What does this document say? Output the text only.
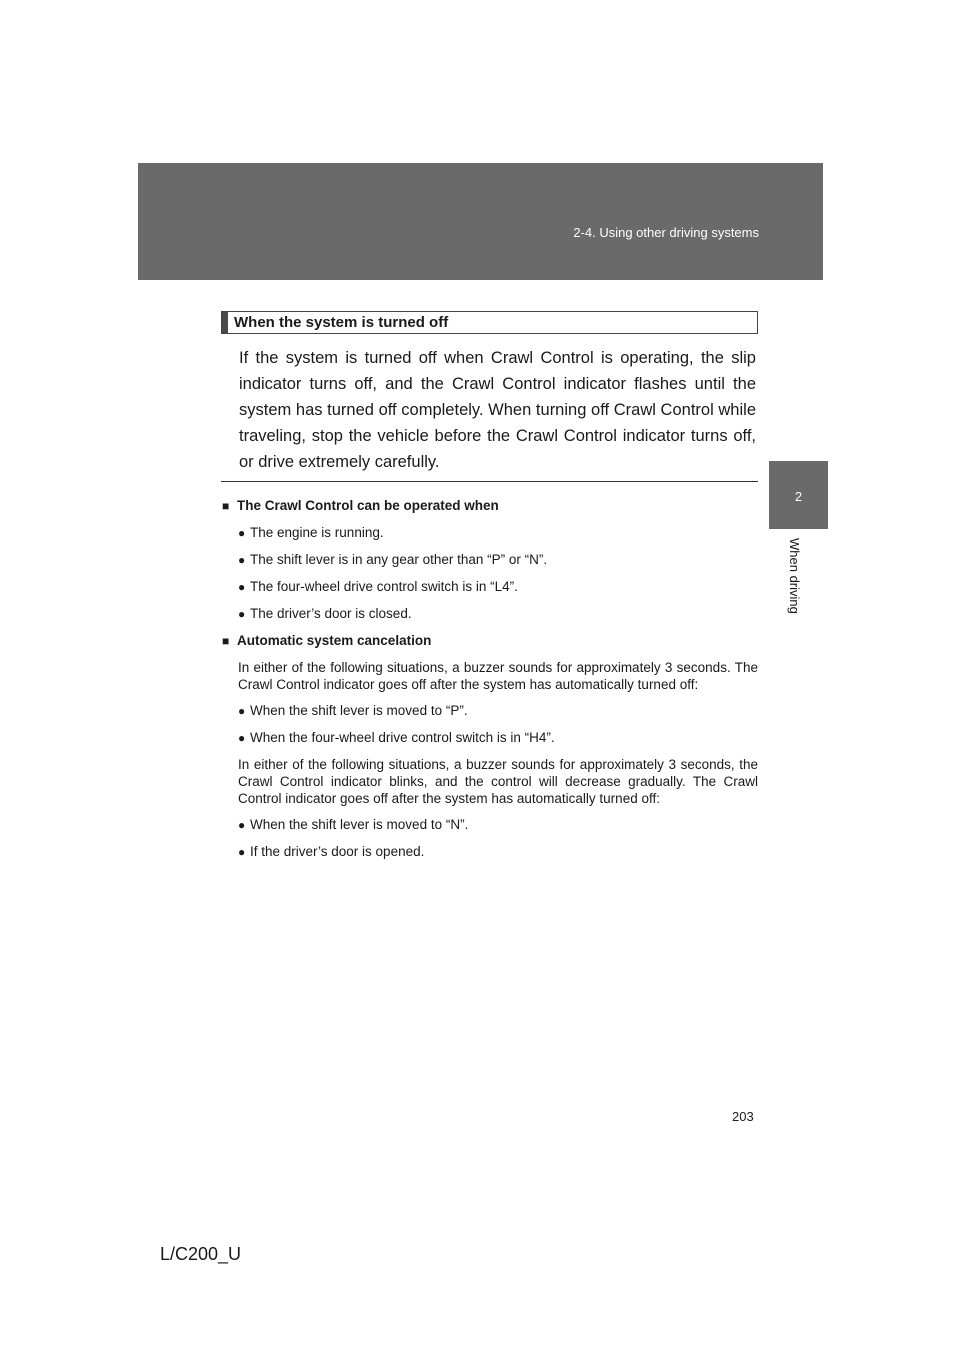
2-4. Using other driving systems
2
When driving
When the system is turned off

If the system is turned off when Crawl Control is operating, the slip indicator turns off, and the Crawl Control indicator flashes until the system has turned off completely. When turning off Crawl Control while traveling, stop the vehicle before the Crawl Control indicator turns off, or drive extremely carefully.

■ The Crawl Control can be operated when
● The engine is running.
● The shift lever is in any gear other than “P” or “N”.
● The four-wheel drive control switch is in “L4”.
● The driver’s door is closed.
■ Automatic system cancelation
In either of the following situations, a buzzer sounds for approximately 3 seconds. The Crawl Control indicator goes off after the system has automatically turned off:
● When the shift lever is moved to “P”.
● When the four-wheel drive control switch is in “H4”.
In either of the following situations, a buzzer sounds for approximately 3 seconds, the Crawl Control indicator blinks, and the control will decrease gradually. The Crawl Control indicator goes off after the system has automatically turned off:
● When the shift lever is moved to “N”.
● If the driver’s door is opened.
203
L/C200_U
